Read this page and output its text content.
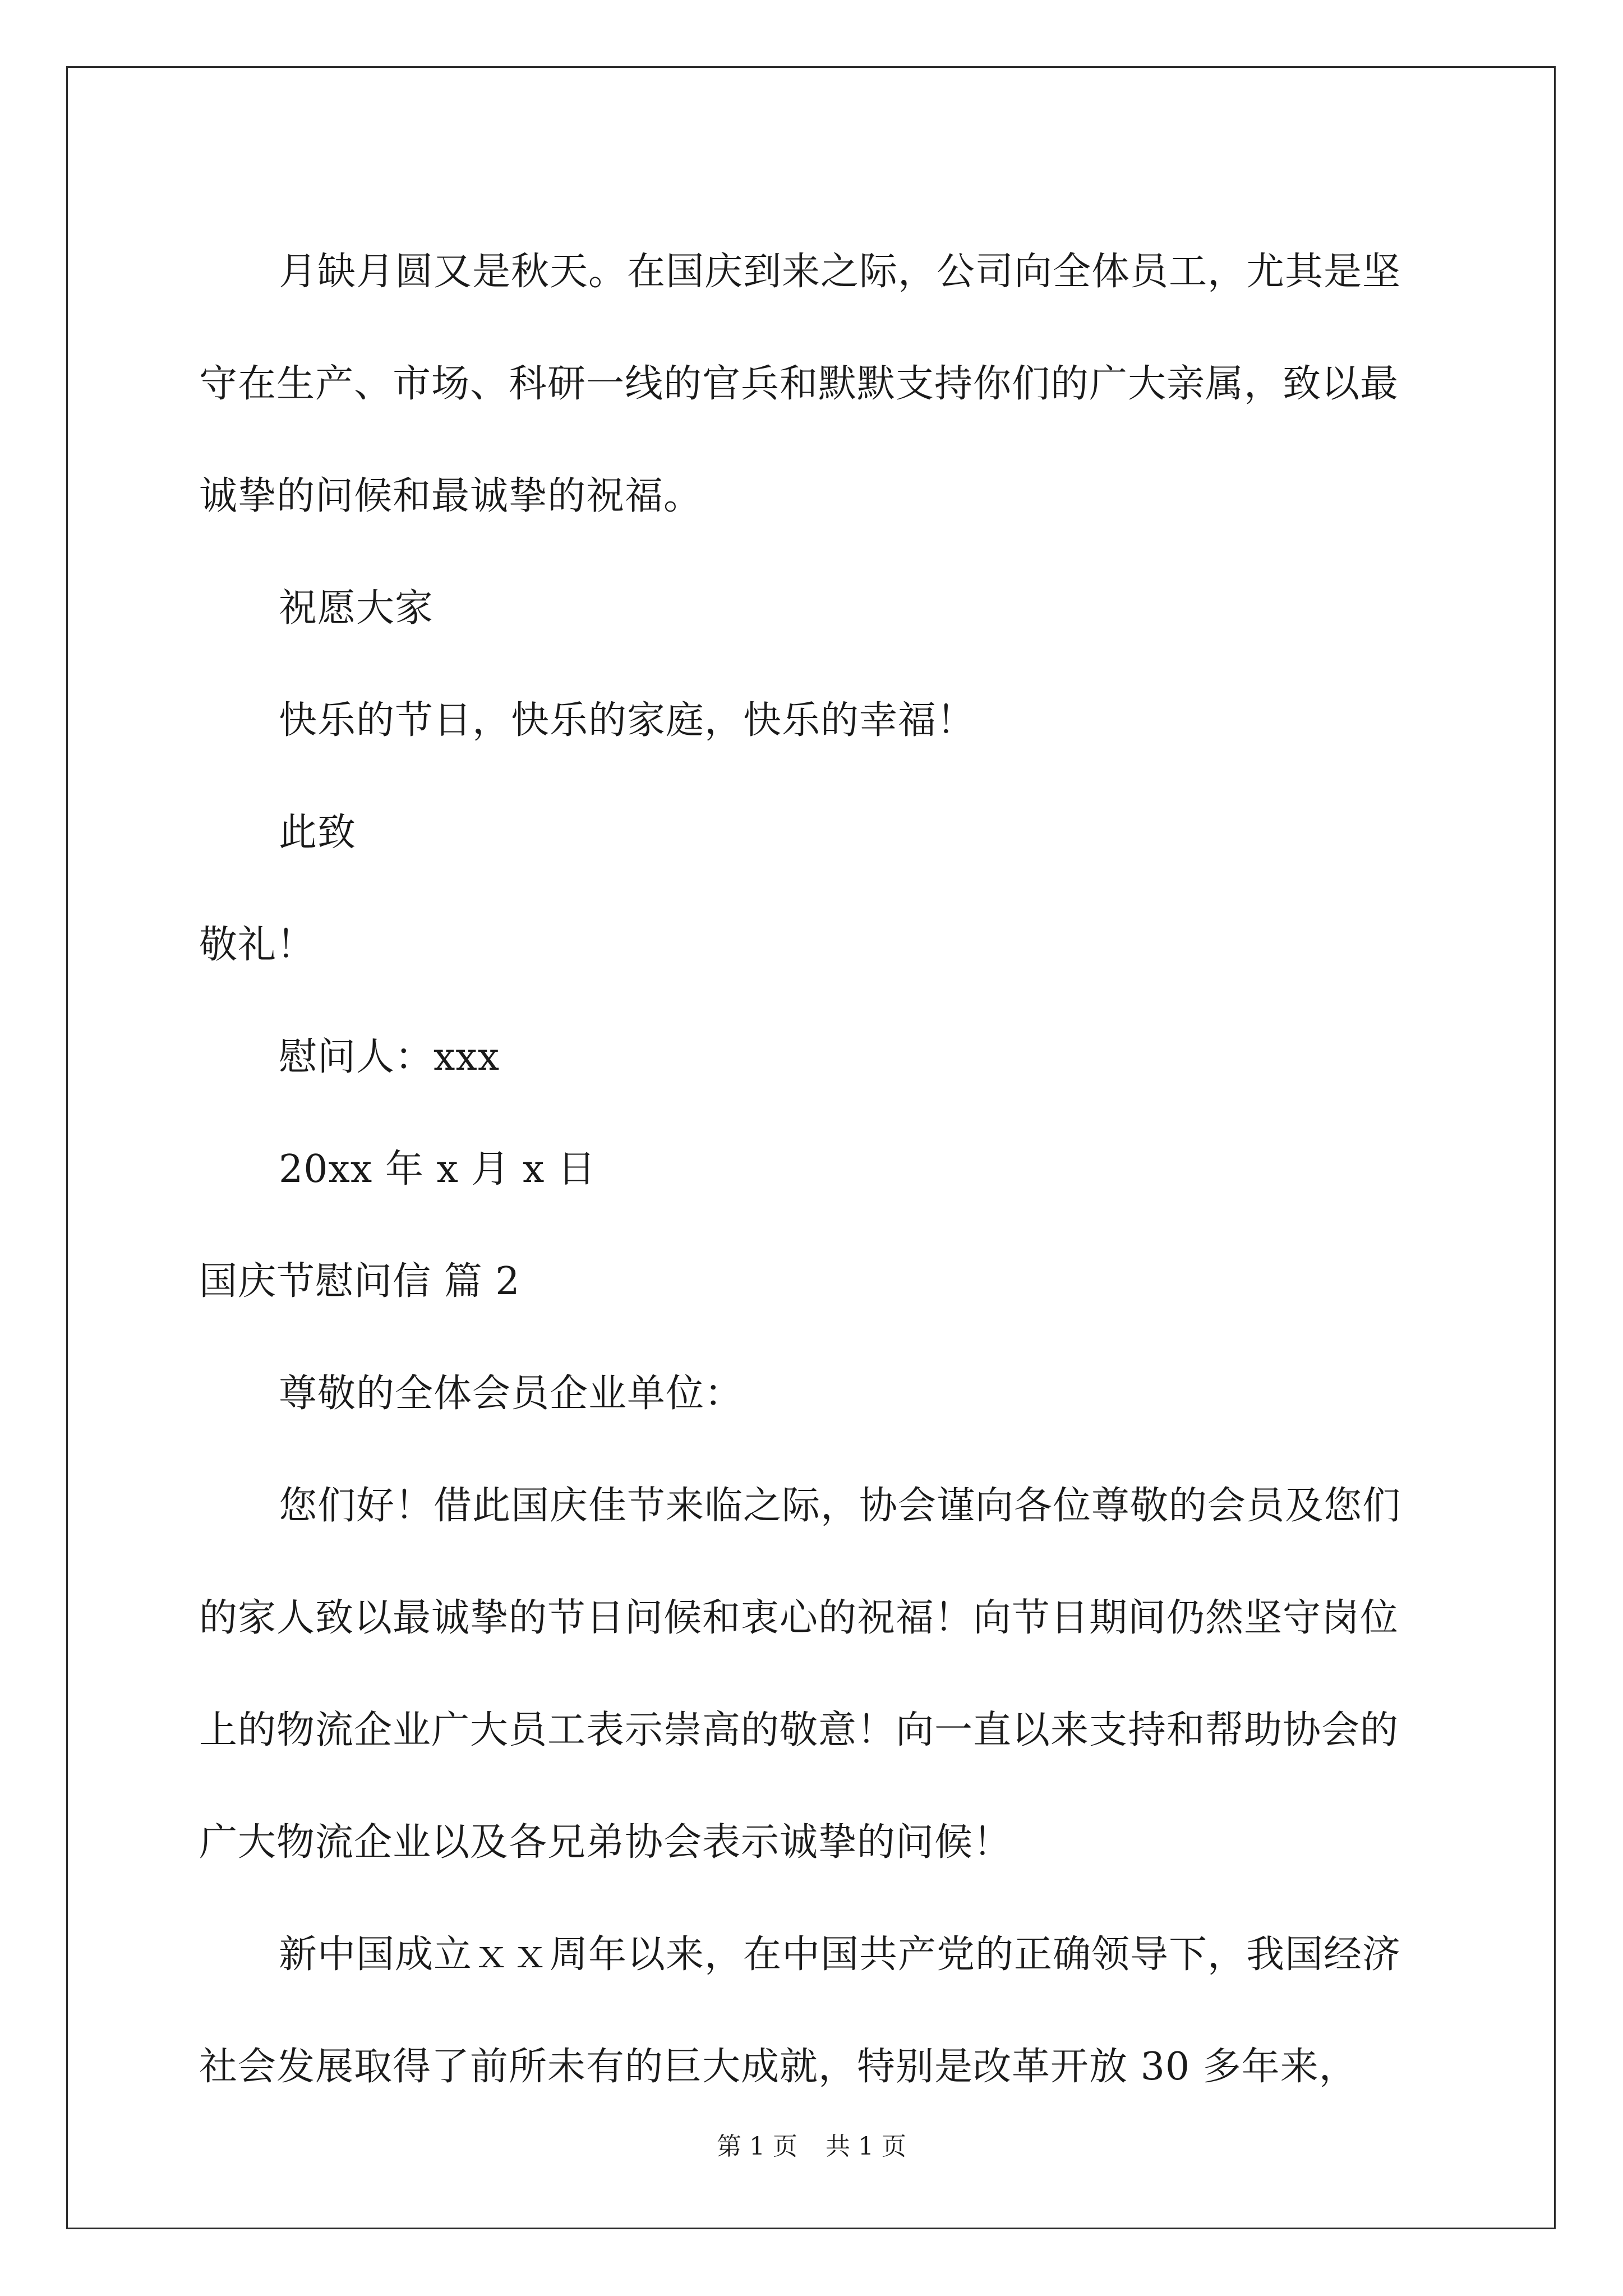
月缺月圆又是秋天。在国庆到来之际，公司向全体员工，尤其是坚守在生产、市场、科研一线的官兵和默默支持你们的广大亲属，致以最诚挚的问候和最诚挚的祝福。

祝愿大家

快乐的节日，快乐的家庭，快乐的幸福！

此致

敬礼！

慰问人：xxx

20xx 年 x 月 x 日

国庆节慰问信 篇 2

尊敬的全体会员企业单位：

您们好！借此国庆佳节来临之际，协会谨向各位尊敬的会员及您们的家人致以最诚挚的节日问候和衷心的祝福！向节日期间仍然坚守岗位上的物流企业广大员工表示崇高的敬意！向一直以来支持和帮助协会的广大物流企业以及各兄弟协会表示诚挚的问候！

新中国成立ｘｘ周年以来，在中国共产党的正确领导下，我国经济社会发展取得了前所未有的巨大成就，特别是改革开放 30 多年来，

第 1 页 共 1 页
